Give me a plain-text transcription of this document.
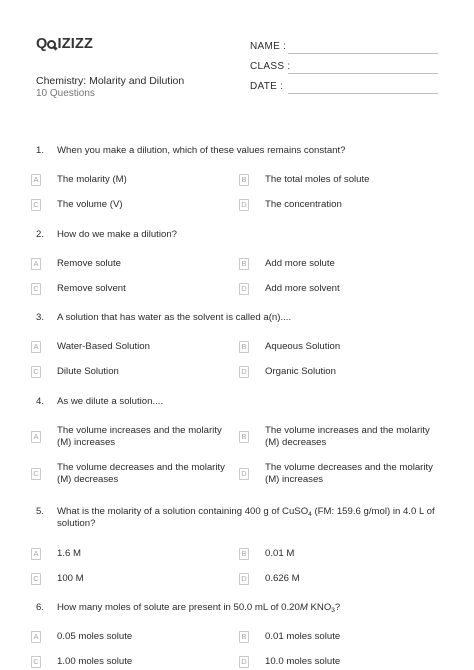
Q IZIZZ
Chemistry: Molarity and Dilution
10 Questions
NAME :
CLASS :
DATE :
1. When you make a dilution, which of these values remains constant?
A The molarity (M)	B The total moles of solute
C The volume (V)	D The concentration
2. How do we make a dilution?
A Remove solute	B Add more solute
C Remove solvent	D Add more solvent
3. A solution that has water as the solvent is called a(n)....
A Water-Based Solution	B Aqueous Solution
C Dilute Solution	D Organic Solution
4. As we dilute a solution....
A
The volume increases and the molarity (M) increases
B
The volume increases and the molarity (M) decreases
C
The volume decreases and the molarity (M) decreases
D
The volume decreases and the molarity (M) increases
5. What is the molarity of a solution containing 400 g of CuSO$_4$ (FM: 159.6 g/mol) in 4.0 L of solution?
A 1.6 M	B 0.01 M
C 100 M	D 0.626 M
6. How many moles of solute are present in 50.0 mL of 0.20M $KNO_3$?
A 0.05 moles solute	B 0.01 moles solute
C 1.00 moles solute	D 10.0 moles solute
